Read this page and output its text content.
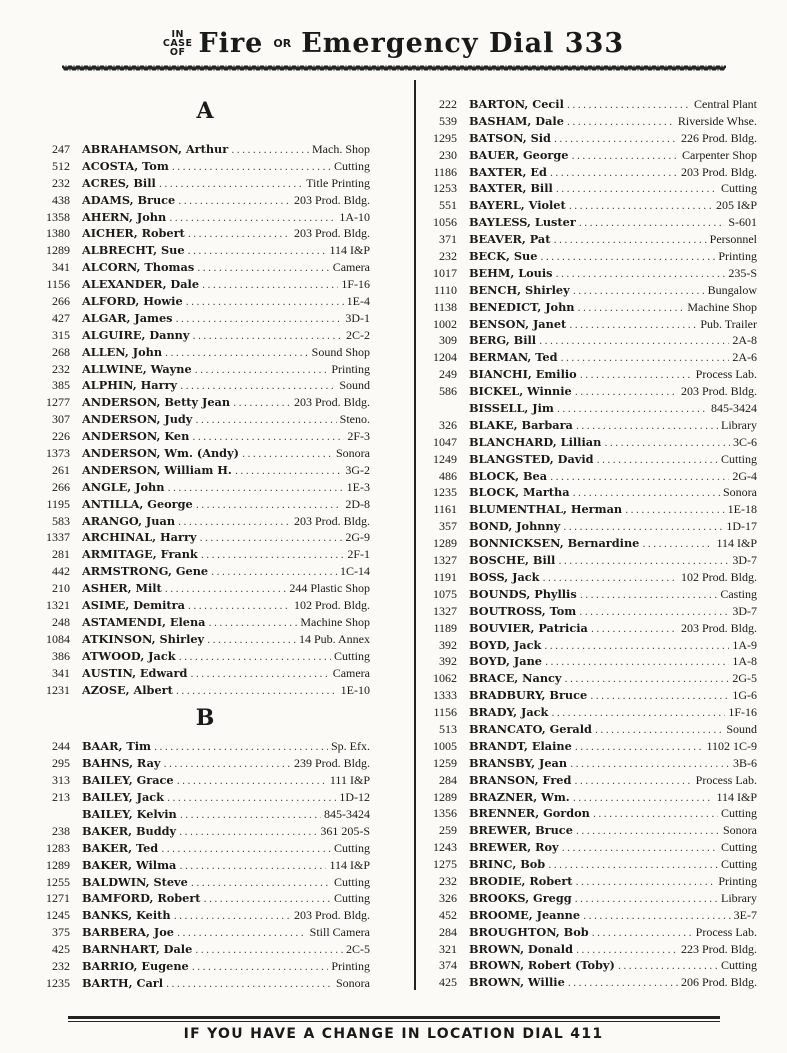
IN
CASE
OF Fire OR Emergency Dial 333
A
247 ABRAHAMSON, Arthur .....	Mach. Shop
512 ACOSTA, Tom .....	Cutting
232 ACRES, Bill .....	Title Printing
438 ADAMS, Bruce .....	203 Prod. Bldg.
1358 AHERN, John .....	1A-10
1380 AICHER, Robert .....	203 Prod. Bldg.
1289 ALBRECHT, Sue .....	114 I&P
341 ALCORN, Thomas .....	Camera
1156 ALEXANDER, Dale .....	1F-16
266 ALFORD, Howie .....	1E-4
427 ALGAR, James .....	3D-1
315 ALGUIRE, Danny .....	2C-2
268 ALLEN, John .....	Sound Shop
232 ALLWINE, Wayne .....	Printing
385 ALPHIN, Harry .....	Sound
1277 ANDERSON, Betty Jean .....	203 Prod. Bldg.
307 ANDERSON, Judy .....	Steno.
226 ANDERSON, Ken .....	2F-3
1373 ANDERSON, Wm. (Andy) .....	Sonora
261 ANDERSON, William H. .....	3G-2
266 ANGLE, John .....	1E-3
1195 ANTILLA, George .....	2D-8
583 ARANGO, Juan .....	203 Prod. Bldg.
1337 ARCHINAL, Harry .....	2G-9
281 ARMITAGE, Frank .....	2F-1
442 ARMSTRONG, Gene .....	1C-14
210 ASHER, Milt .....	244 Plastic Shop
1321 ASIME, Demitra .....	102 Prod. Bldg.
248 ASTAMENDI, Elena .....	Machine Shop
1084 ATKINSON, Shirley .....	14 Pub. Annex
386 ATWOOD, Jack .....	Cutting
341 AUSTIN, Edward .....	Camera
1231 AZOSE, Albert .....	1E-10
B
244 BAAR, Tim .....	Sp. Efx.
295 BAHNS, Ray .....	239 Prod. Bldg.
313 BAILEY, Grace .....	111 I&P
213 BAILEY, Jack .....	1D-12
BAILEY, Kelvin .....	845-3424
238 BAKER, Buddy .....	361 205-S
1283 BAKER, Ted .....	Cutting
1289 BAKER, Wilma .....	114 I&P
1255 BALDWIN, Steve .....	Cutting
1271 BAMFORD, Robert .....	Cutting
1245 BANKS, Keith .....	203 Prod. Bldg.
375 BARBERA, Joe .....	Still Camera
425 BARNHART, Dale .....	2C-5
232 BARRIO, Eugene .....	Printing
1235 BARTH, Carl .....	Sonora
222 BARTON, Cecil .....	Central Plant
539 BASHAM, Dale .....	Riverside Whse.
1295 BATSON, Sid .....	226 Prod. Bldg.
230 BAUER, George .....	Carpenter Shop
1186 BAXTER, Ed .....	203 Prod. Bldg.
1253 BAXTER, Bill .....	Cutting
551 BAYERL, Violet .....	205 I&P
1056 BAYLESS, Luster .....	S-601
371 BEAVER, Pat .....	Personnel
232 BECK, Sue .....	Printing
1017 BEHM, Louis .....	235-S
1110 BENCH, Shirley .....	Bungalow
1138 BENEDICT, John .....	Machine Shop
1002 BENSON, Janet .....	Pub. Trailer
309 BERG, Bill .....	2A-8
1204 BERMAN, Ted .....	2A-6
249 BIANCHI, Emilio .....	Process Lab.
586 BICKEL, Winnie .....	203 Prod. Bldg.
BISSELL, Jim .....	845-3424
326 BLAKE, Barbara .....	Library
1047 BLANCHARD, Lillian .....	3C-6
1249 BLANGSTED, David .....	Cutting
486 BLOCK, Bea .....	2G-4
1235 BLOCK, Martha .....	Sonora
1161 BLUMENTHAL, Herman .....	1E-18
357 BOND, Johnny .....	1D-17
1289 BONNICKSEN, Bernardine .....	114 I&P
1327 BOSCHE, Bill .....	3D-7
1191 BOSS, Jack .....	102 Prod. Bldg.
1075 BOUNDS, Phyllis .....	Casting
1327 BOUTROSS, Tom .....	3D-7
1189 BOUVIER, Patricia .....	203 Prod. Bldg.
392 BOYD, Jack .....	1A-9
392 BOYD, Jane .....	1A-8
1062 BRACE, Nancy .....	2G-5
1333 BRADBURY, Bruce .....	1G-6
1156 BRADY, Jack .....	1F-16
513 BRANCATO, Gerald .....	Sound
1005 BRANDT, Elaine .....	1102 1C-9
1259 BRANSBY, Jean .....	3B-6
284 BRANSON, Fred .....	Process Lab.
1289 BRAZNER, Wm. .....	114 I&P
1356 BRENNER, Gordon .....	Cutting
259 BREWER, Bruce .....	Sonora
1243 BREWER, Roy .....	Cutting
1275 BRINC, Bob .....	Cutting
232 BRODIE, Robert .....	Printing
326 BROOKS, Gregg .....	Library
452 BROOME, Jeanne .....	3E-7
284 BROUGHTON, Bob .....	Process Lab.
321 BROWN, Donald .....	223 Prod. Bldg.
374 BROWN, Robert (Toby) .....	Cutting
425 BROWN, Willie .....	206 Prod. Bldg.
IF YOU HAVE A CHANGE IN LOCATION DIAL 411
